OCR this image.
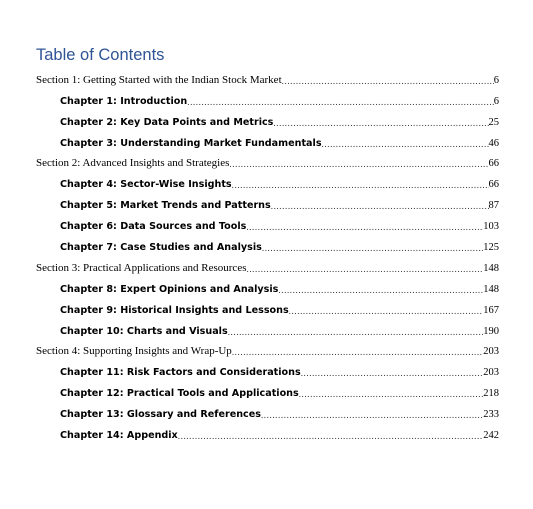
Table of Contents
Section 1: Getting Started with the Indian Stock Market .....	6
Chapter 1: Introduction .....	6
Chapter 2: Key Data Points and Metrics .....	25
Chapter 3: Understanding Market Fundamentals .....	46
Section 2: Advanced Insights and Strategies .....	66
Chapter 4: Sector-Wise Insights .....	66
Chapter 5: Market Trends and Patterns .....	87
Chapter 6: Data Sources and Tools .....	103
Chapter 7: Case Studies and Analysis .....	125
Section 3: Practical Applications and Resources .....	148
Chapter 8: Expert Opinions and Analysis .....	148
Chapter 9: Historical Insights and Lessons .....	167
Chapter 10: Charts and Visuals .....	190
Section 4: Supporting Insights and Wrap-Up .....	203
Chapter 11: Risk Factors and Considerations .....	203
Chapter 12: Practical Tools and Applications .....	218
Chapter 13: Glossary and References .....	233
Chapter 14: Appendix .....	242
